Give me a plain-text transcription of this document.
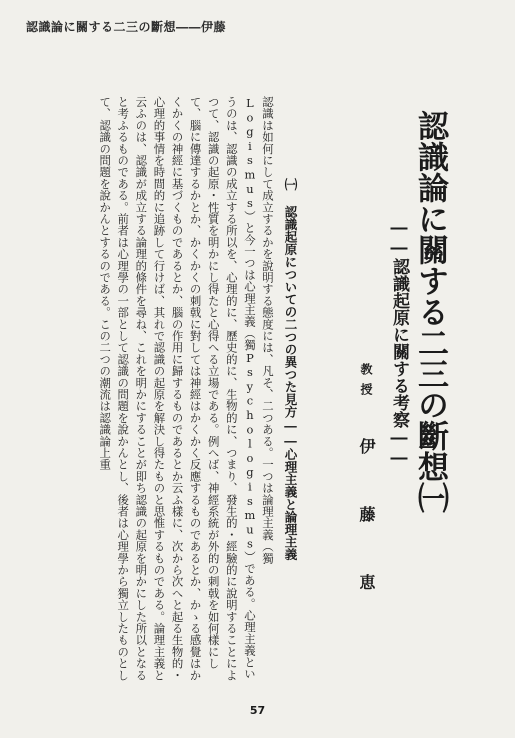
認識論に關する二三の斷想――伊藤
認識論に關する二三の斷想㈠
――認識起原に關する考察――
教授
伊藤恵
㈠ 認識起原についての二つの異つた見方――心理主義と論理主義

認識は如何にして成立するかを說明する態度には、凡そ、二つある。一つは論理主義（獨Logismus）と今一つは心理主義（獨Psychologismus）である。心理主義というのは、認識の成立する所以を、心理的に、歷史的に、生物的に、つまり、發生的・經驗的に說明することによつて、認識の起原・性質を明かにし得たと心得へる立場である。例へば、神經系統が外的の刺戟を如何樣にして、腦に傳達するかとか、かくかくの刺戟に對しては神經はかくかく反應するものであるとか、かゝる感覺はかくかくの神經に基づくものであるとか、腦の作用に歸するものであるとか云ふ樣に、次から次へと起る生物的・心理的事情を時間的に追跡して行けば、其れで認識の起原を解決し得たものと思惟するものである。論理主義と云ふのは、認識が成立する論理的條件を尋ね、これを明かにすることが即ち認識の起原を明かにした所以となると考ふるものである。前者は心理學の一部として認識の問題を說かんとし、後者は心理學から獨立したものとして、認識の問題を說かんとするのである。この二つの潮流は認識論上重

57
